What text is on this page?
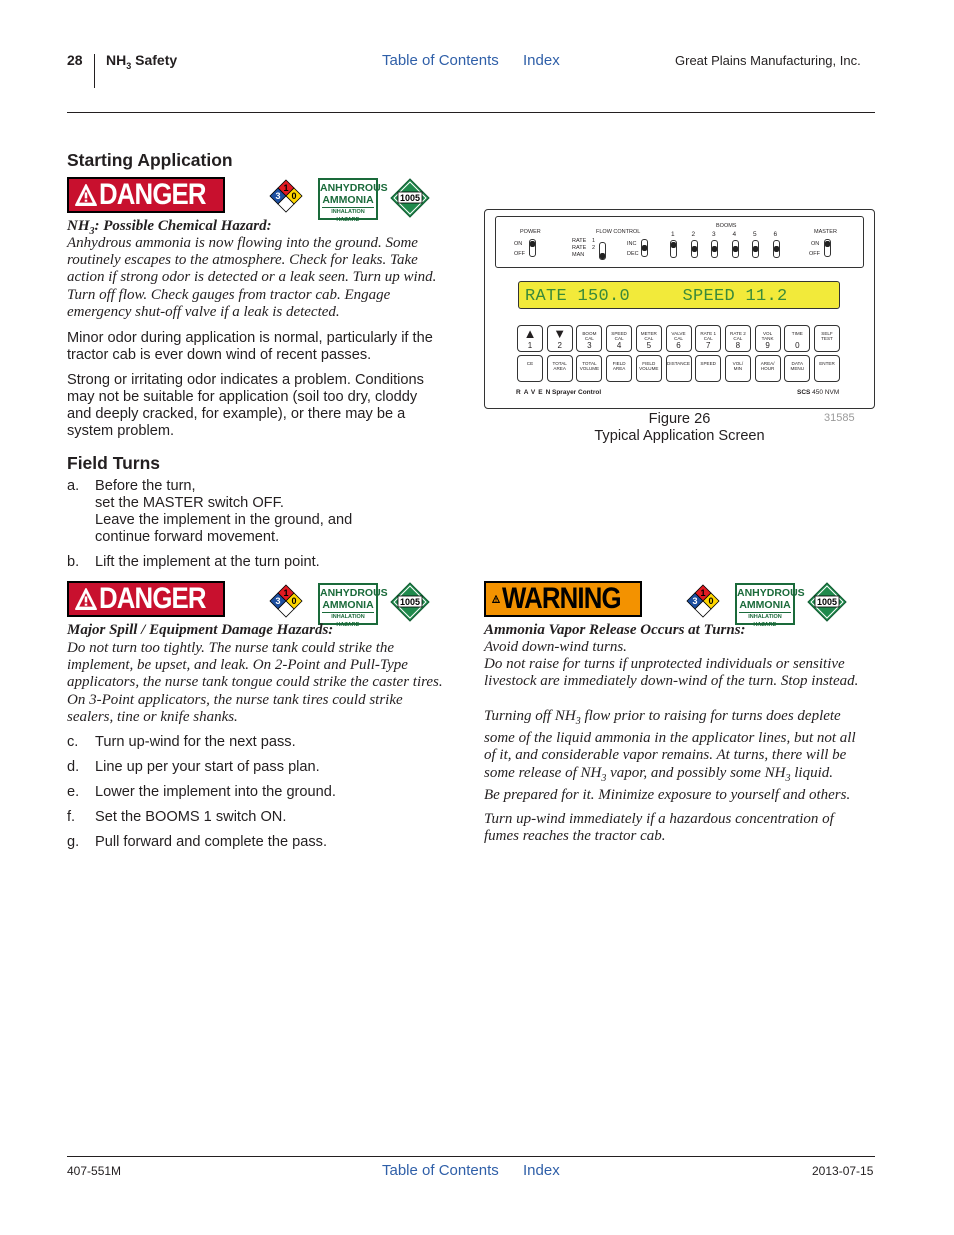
28 $NH_3$ Safety	Table of Contents Index	Great Plains Manufacturing, Inc.
Starting Application
DANGER	1
3 0
ANHYDROUS
AMMONIA
INHALATION HAZARD
1005
$NH_3$: Possible Chemical Hazard:
Anhydrous ammonia is now flowing into the ground. Some
routinely escapes to the atmosphere. Check for leaks. Take
action if strong odor is detected or a leak seen. Turn up wind.
Turn off flow. Check gauges from tractor cab. Engage
emergency shut-off valve if a leak is detected.
Minor odor during application is normal, particularly if the
tractor cab is ever down wind of recent passes.
Strong or irritating odor indicates a problem. Conditions
may not be suitable for application (soil too dry, cloddy
and deeply cracked, for example), or there may be a
system problem.
POWER
ON
OFF
FLOW CONTROL
RATE
RATE
MAN
1
2
INC
DEC
BOOMS
1	2	3	4	5	6	MASTER
ON
OFF
RATE 150.0     SPEED 11.2
▲
1
▼
2
BOOM
CAL
3
SPEED
CAL
4
METER
CAL
5
VALVE
CAL
6
RATE 1
CAL
7
RATE 2
CAL
8
VOL
TANK
9
TIME
0
SELF
TEST
CE	TOTAL
AREA
TOTAL
VOLUME
FIELD
AREA
FIELD
VOLUME
DISTANCE	SPEED	VOL/
MIN
AREA/
HOUR
DATA
MENU
ENTER
RAVEN
Sprayer Control	SCS 450 NVM
Figure 26
Typical Application Screen
31585
Field Turns
a. Before the turn,
set the MASTER switch OFF.
Leave the implement in the ground, and
continue forward movement.
b. Lift the implement at the turn point.
DANGER	1
3 0
ANHYDROUS
AMMONIA
INHALATION HAZARD
1005
Major Spill / Equipment Damage Hazards:
Do not turn too tightly. The nurse tank could strike the
implement, be upset, and leak. On 2-Point and Pull-Type
applicators, the nurse tank tongue could strike the caster tires.
On 3-Point applicators, the nurse tank tires could strike
sealers, tine or knife shanks.
c. Turn up-wind for the next pass.
d. Line up per your start of pass plan.
e. Lower the implement into the ground.
f. Set the BOOMS 1 switch ON.
g. Pull forward and complete the pass.
WARNING	1
3 0
ANHYDROUS
AMMONIA
INHALATION HAZARD
1005
Ammonia Vapor Release Occurs at Turns:
Avoid down-wind turns.
Do not raise for turns if unprotected individuals or sensitive
livestock are immediately down-wind of the turn. Stop instead.
Turning off $NH_3$ flow prior to raising for turns does deplete
some of the liquid ammonia in the applicator lines, but not all
of it, and considerable vapor remains. At turns, there will be
some release of $NH_3$ vapor, and possibly some $NH_3$ liquid.
Be prepared for it. Minimize exposure to yourself and others.
Turn up-wind immediately if a hazardous concentration of
fumes reaches the tractor cab.
407-551M	Table of Contents Index	2013-07-15
